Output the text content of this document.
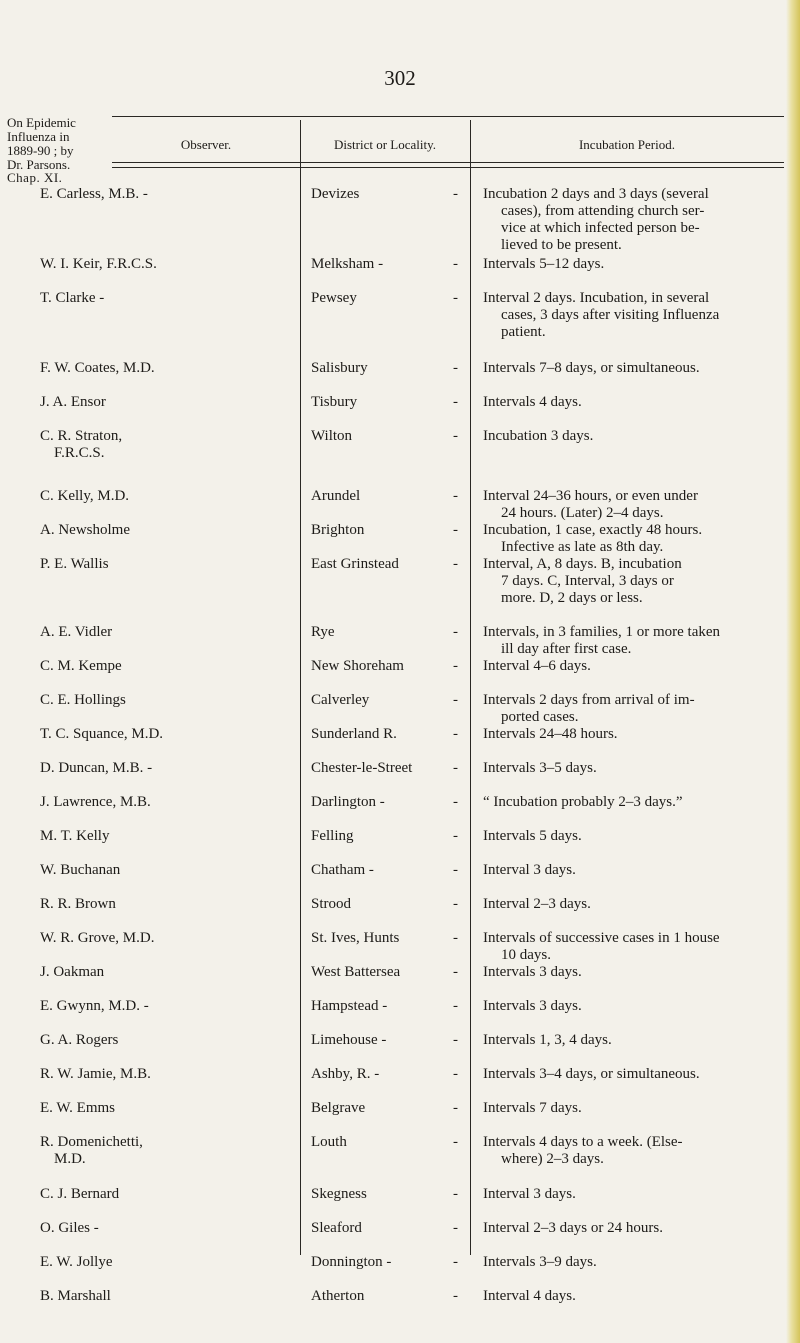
302
On Epidemic
Influenza in
1889-90 ; by
Dr. Parsons.
Chap. XI.
Observer.	District or Locality.	Incubation Period.
E. Carless, M.B. -	Devizes	- Incubation 2 days and 3 days (several
cases), from attending church ser-
vice at which infected person be-
lieved to be present.
W. I. Keir, F.R.C.S.	Melksham -	- Intervals 5–12 days.
T. Clarke -	Pewsey	- Interval 2 days. Incubation, in several
cases, 3 days after visiting Influenza
patient.
F. W. Coates, M.D.	Salisbury	- Intervals 7–8 days, or simultaneous.
J. A. Ensor	Tisbury	- Intervals 4 days.
C. R. Straton,
F.R.C.S.
Wilton	- Incubation 3 days.
C. Kelly, M.D.	Arundel	- Interval 24–36 hours, or even under
24 hours. (Later) 2–4 days.
A. Newsholme	Brighton	- Incubation, 1 case, exactly 48 hours.
Infective as late as 8th day.
P. E. Wallis	East Grinstead	- Interval, A, 8 days. B, incubation
7 days. C, Interval, 3 days or
more. D, 2 days or less.
A. E. Vidler	Rye	- Intervals, in 3 families, 1 or more taken
ill day after first case.
C. M. Kempe	New Shoreham	- Interval 4–6 days.
C. E. Hollings	Calverley	- Intervals 2 days from arrival of im-
ported cases.
T. C. Squance, M.D.	Sunderland R.	- Intervals 24–48 hours.
D. Duncan, M.B. -	Chester-le-Street	- Intervals 3–5 days.
J. Lawrence, M.B.	Darlington -	- “ Incubation probably 2–3 days.”
M. T. Kelly	Felling	- Intervals 5 days.
W. Buchanan	Chatham -	- Interval 3 days.
R. R. Brown	Strood	- Interval 2–3 days.
W. R. Grove, M.D.	St. Ives, Hunts	- Intervals of successive cases in 1 house
10 days.
J. Oakman	West Battersea	- Intervals 3 days.
E. Gwynn, M.D. -	Hampstead -	- Intervals 3 days.
G. A. Rogers	Limehouse -	- Intervals 1, 3, 4 days.
R. W. Jamie, M.B.	Ashby, R. -	- Intervals 3–4 days, or simultaneous.
E. W. Emms	Belgrave	- Intervals 7 days.
R. Domenichetti,
M.D.
Louth	- Intervals 4 days to a week. (Else-
where) 2–3 days.
C. J. Bernard	Skegness	- Interval 3 days.
O. Giles -	Sleaford	- Interval 2–3 days or 24 hours.
E. W. Jollye	Donnington -	- Intervals 3–9 days.
B. Marshall	Atherton	- Interval 4 days.
